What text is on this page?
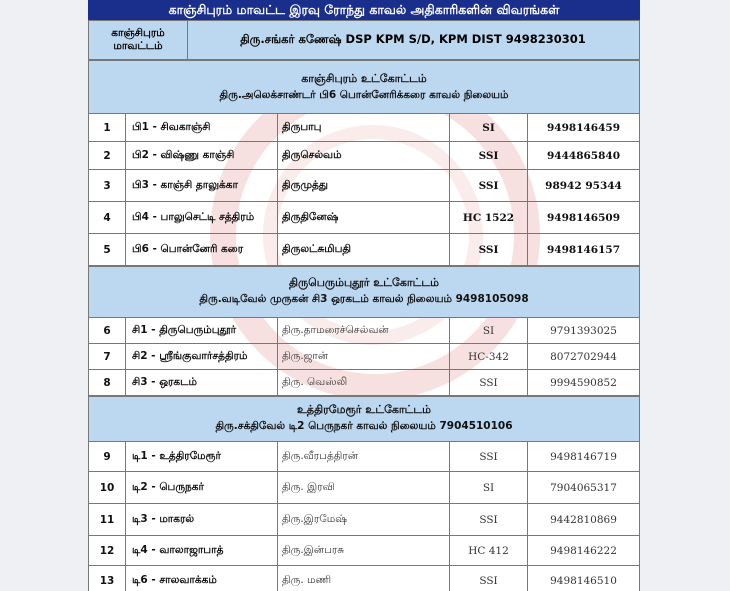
காஞ்சிபுரம் மாவட்ட இரவு ரோந்து காவல் அதிகாரிகளின் விவரங்கள்
காஞ்சிபுரம்
மாவட்டம்	திரு.சங்கர் கணேஷ் DSP KPM S/D, KPM DIST 9498230301
காஞ்சிபுரம் உட்கோட்டம்
திரு.அலெக்சாண்டர் பி6 பொன்னேரிக்கரை காவல் நிலையம்
1	பி1 - சிவகாஞ்சி	திருபாபு	SI	9498146459
2	பி2 - விஷ்ணு காஞ்சி	திருசெல்வம்	SSI	9444865840
3	பி3 - காஞ்சி தாலுக்கா	திருமுத்து	SSI	98942 95344
4	பி4 - பாலுசெட்டி சத்திரம்	திருதினேஷ்	HC 1522	9498146509
5	பி6 - பொன்னேரி கரை	திருலட்சுமிபதி	SSI	9498146157
திருபெரும்புதூர் உட்கோட்டம்
திரு.வடிவேல் முருகன் சி3 ஒரகடம் காவல் நிலையம் 9498105098
6	சி1 - திருபெரும்புதூர்	திரு.தாமரைச்செல்வன்	SI	9791393025
7	சி2 - ஸ்ரீங்குவார்சத்திரம்	திரு.ஜான்	HC-342	8072702944
8	சி3 - ஒரகடம்	திரு. வெஸ்லி	SSI	9994590852
உத்திரமேரூர் உட்கோட்டம்
திரு.சக்திவேல் டி2 பெருநகர் காவல் நிலையம் 7904510106
9	டி1 - உத்திரமேரூர்	திரு.வீரபத்திரன்	SSI	9498146719
10	டி2 - பெருநகர்	திரு. இரவி	SI	7904065317
11	டி3 - மாகரல்	திரு.இரமேஷ்	SSI	9442810869
12	டி4 - வாலாஜாபாத்	திரு.இன்பரசு	HC 412	9498146222
13	டி6 - சாலவாக்கம்	திரு. மணி	SSI	9498146510
